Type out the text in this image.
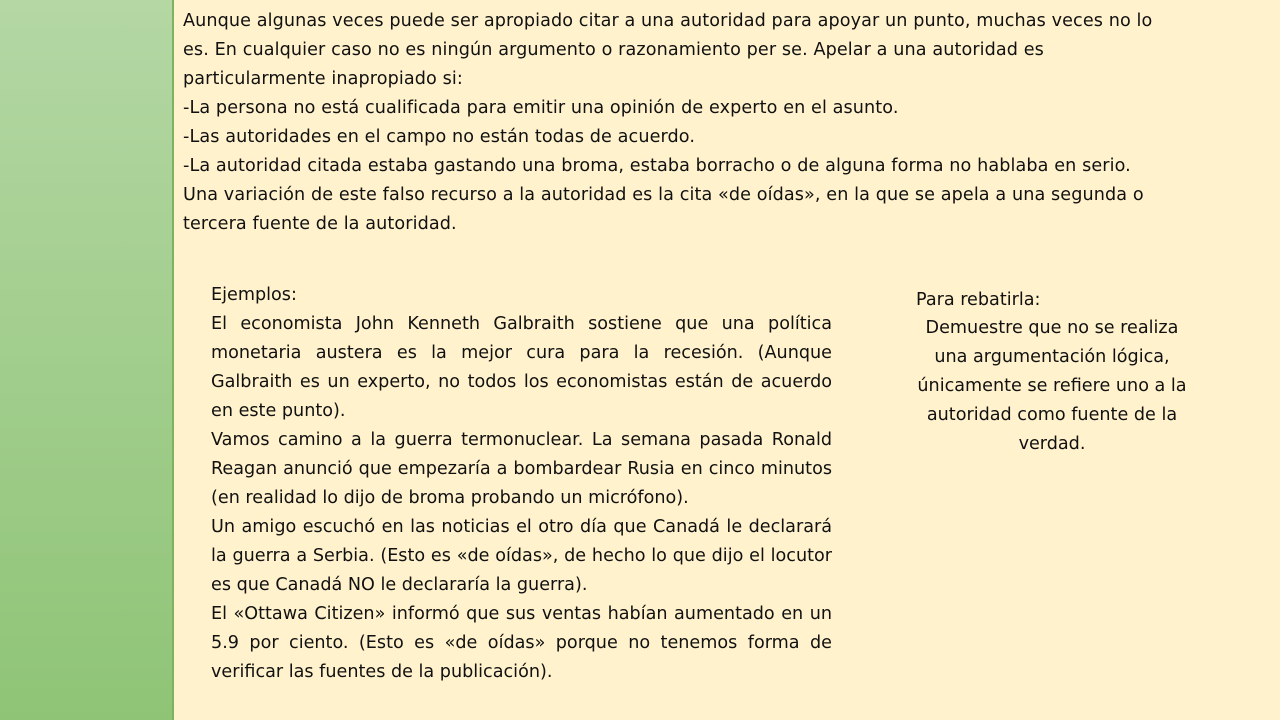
Aunque algunas veces puede ser apropiado citar a una autoridad para apoyar un punto, muchas veces no lo es. En cualquier caso no es ningún argumento o razonamiento per se. Apelar a una autoridad es particularmente inapropiado si:

-La persona no está cualificada para emitir una opinión de experto en el asunto.

-Las autoridades en el campo no están todas de acuerdo.

-La autoridad citada estaba gastando una broma, estaba borracho o de alguna forma no hablaba en serio.

Una variación de este falso recurso a la autoridad es la cita «de oídas», en la que se apela a una segunda o tercera fuente de la autoridad.

Ejemplos:

El economista John Kenneth Galbraith sostiene que una política monetaria austera es la mejor cura para la recesión. (Aunque Galbraith es un experto, no todos los economistas están de acuerdo en este punto).

Vamos camino a la guerra termonuclear. La semana pasada Ronald Reagan anunció que empezaría a bombardear Rusia en cinco minutos (en realidad lo dijo de broma probando un micrófono).

Un amigo escuchó en las noticias el otro día que Canadá le declarará la guerra a Serbia. (Esto es «de oídas», de hecho lo que dijo el locutor es que Canadá NO le declararía la guerra).

El «Ottawa Citizen» informó que sus ventas habían aumentado en un 5.9 por ciento. (Esto es «de oídas» porque no tenemos forma de verificar las fuentes de la publicación).

Para rebatirla:
Demuestre que no se realiza una argumentación lógica, únicamente se refiere uno a la autoridad como fuente de la verdad.
